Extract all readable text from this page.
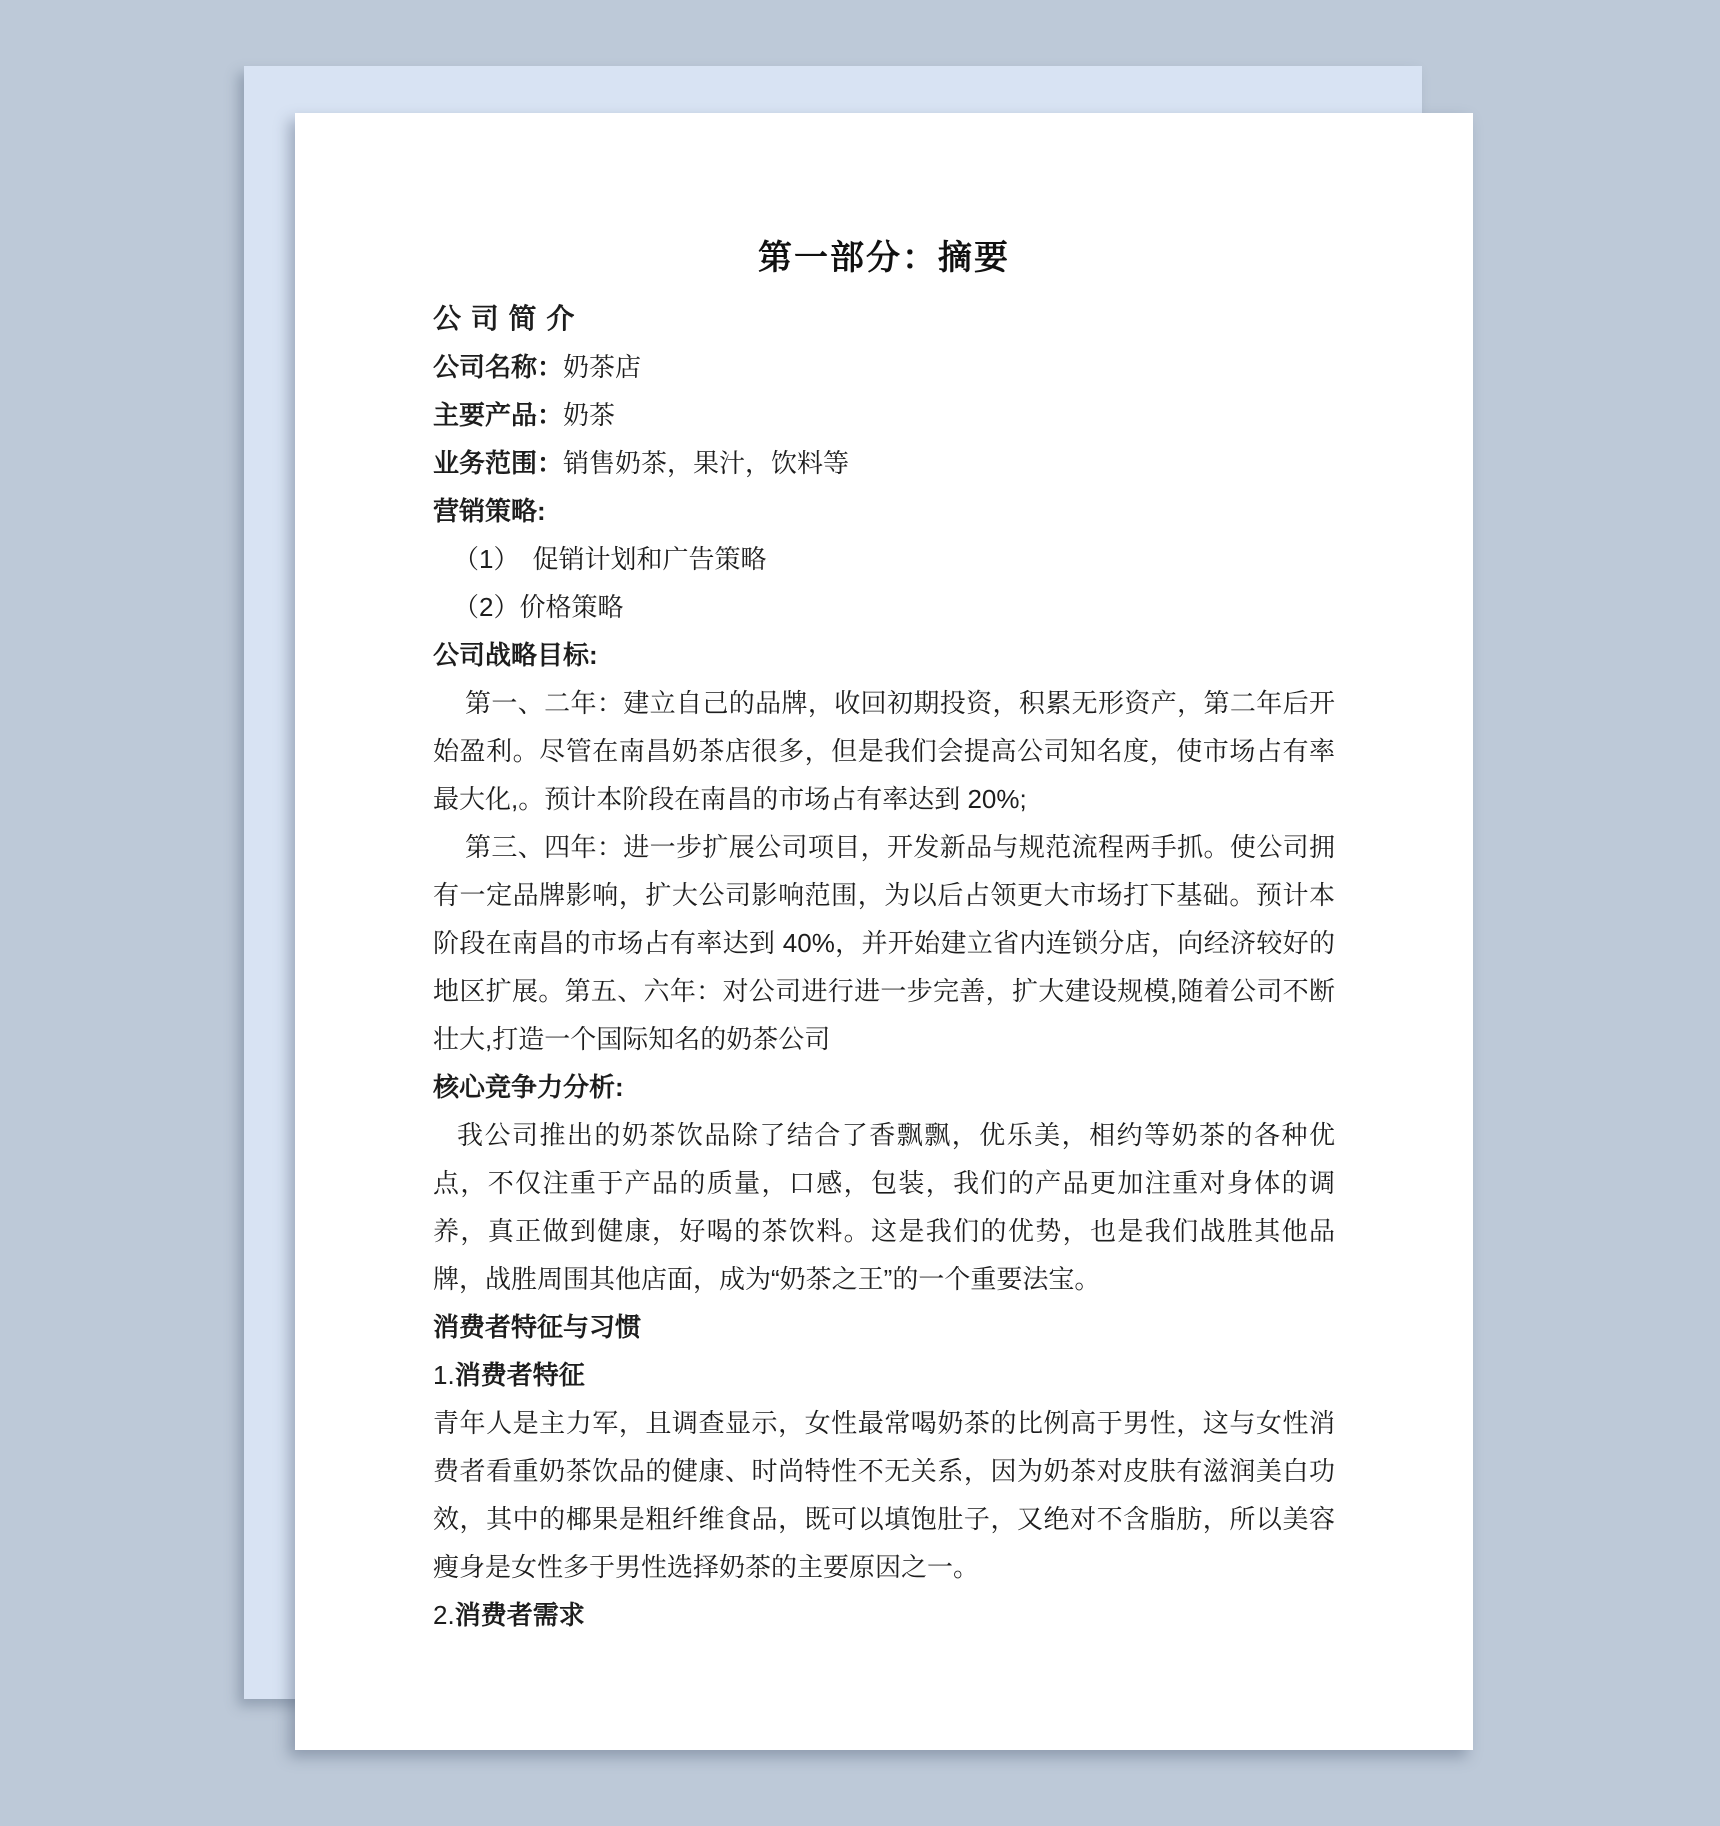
第一部分：摘要
公 司 简 介
公司名称：奶茶店
主要产品：奶茶
业务范围：销售奶茶，果汁，饮料等
营销策略:
（1）　促销计划和广告策略
（2）价格策略
公司战略目标:
第一、二年：建立自己的品牌，收回初期投资，积累无形资产，第二年后开始盈利。尽管在南昌奶茶店很多，但是我们会提高公司知名度，使市场占有率最大化,。预计本阶段在南昌的市场占有率达到 20%;
第三、四年：进一步扩展公司项目，开发新品与规范流程两手抓。使公司拥有一定品牌影响，扩大公司影响范围，为以后占领更大市场打下基础。预计本阶段在南昌的市场占有率达到 40%，并开始建立省内连锁分店，向经济较好的地区扩展。第五、六年：对公司进行进一步完善，扩大建设规模,随着公司不断壮大,打造一个国际知名的奶茶公司
核心竞争力分析:
我公司推出的奶茶饮品除了结合了香飘飘，优乐美，相约等奶茶的各种优点，不仅注重于产品的质量，口感，包装，我们的产品更加注重对身体的调养，真正做到健康，好喝的茶饮料。这是我们的优势，也是我们战胜其他品牌，战胜周围其他店面，成为“奶茶之王”的一个重要法宝。
消费者特征与习惯
1.消费者特征
青年人是主力军，且调查显示，女性最常喝奶茶的比例高于男性，这与女性消费者看重奶茶饮品的健康、时尚特性不无关系，因为奶茶对皮肤有滋润美白功效，其中的椰果是粗纤维食品，既可以填饱肚子，又绝对不含脂肪，所以美容瘦身是女性多于男性选择奶茶的主要原因之一。
2.消费者需求
